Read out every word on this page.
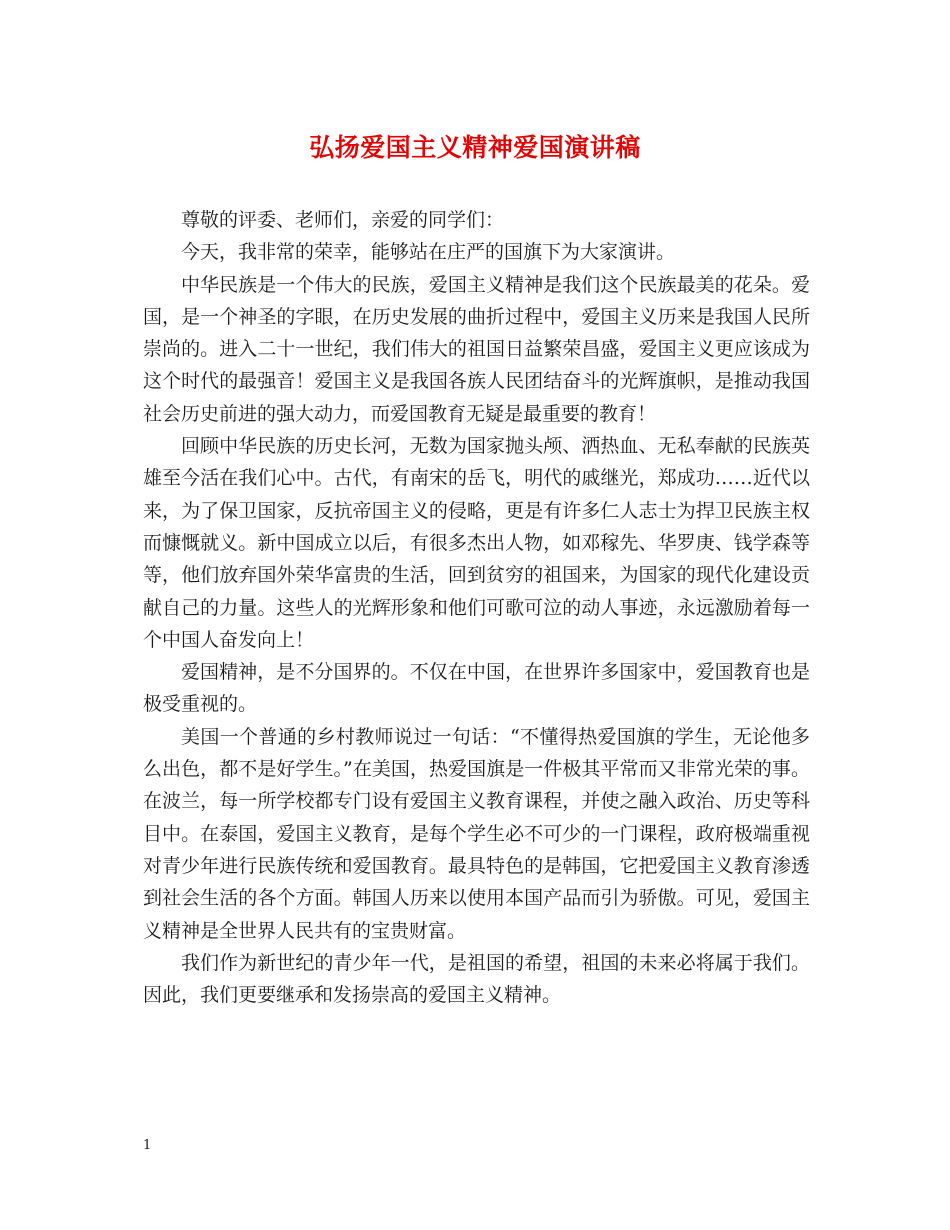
弘扬爱国主义精神爱国演讲稿

尊敬的评委、老师们，亲爱的同学们：

今天，我非常的荣幸，能够站在庄严的国旗下为大家演讲。

中华民族是一个伟大的民族，爱国主义精神是我们这个民族最美的花朵。爱国，是一个神圣的字眼，在历史发展的曲折过程中，爱国主义历来是我国人民所崇尚的。进入二十一世纪，我们伟大的祖国日益繁荣昌盛，爱国主义更应该成为这个时代的最强音！爱国主义是我国各族人民团结奋斗的光辉旗帜，是推动我国社会历史前进的强大动力，而爱国教育无疑是最重要的教育！

回顾中华民族的历史长河，无数为国家抛头颅、洒热血、无私奉献的民族英雄至今活在我们心中。古代，有南宋的岳飞，明代的戚继光，郑成功……近代以来，为了保卫国家，反抗帝国主义的侵略，更是有许多仁人志士为捍卫民族主权而慷慨就义。新中国成立以后，有很多杰出人物，如邓稼先、华罗庚、钱学森等等，他们放弃国外荣华富贵的生活，回到贫穷的祖国来，为国家的现代化建设贡献自己的力量。这些人的光辉形象和他们可歌可泣的动人事迹，永远激励着每一个中国人奋发向上！

爱国精神，是不分国界的。不仅在中国，在世界许多国家中，爱国教育也是极受重视的。

美国一个普通的乡村教师说过一句话：“不懂得热爱国旗的学生，无论他多么出色，都不是好学生。”在美国，热爱国旗是一件极其平常而又非常光荣的事。在波兰，每一所学校都专门设有爱国主义教育课程，并使之融入政治、历史等科目中。在泰国，爱国主义教育，是每个学生必不可少的一门课程，政府极端重视对青少年进行民族传统和爱国教育。最具特色的是韩国，它把爱国主义教育渗透到社会生活的各个方面。韩国人历来以使用本国产品而引为骄傲。可见，爱国主义精神是全世界人民共有的宝贵财富。

我们作为新世纪的青少年一代，是祖国的希望，祖国的未来必将属于我们。因此，我们更要继承和发扬崇高的爱国主义精神。

1
